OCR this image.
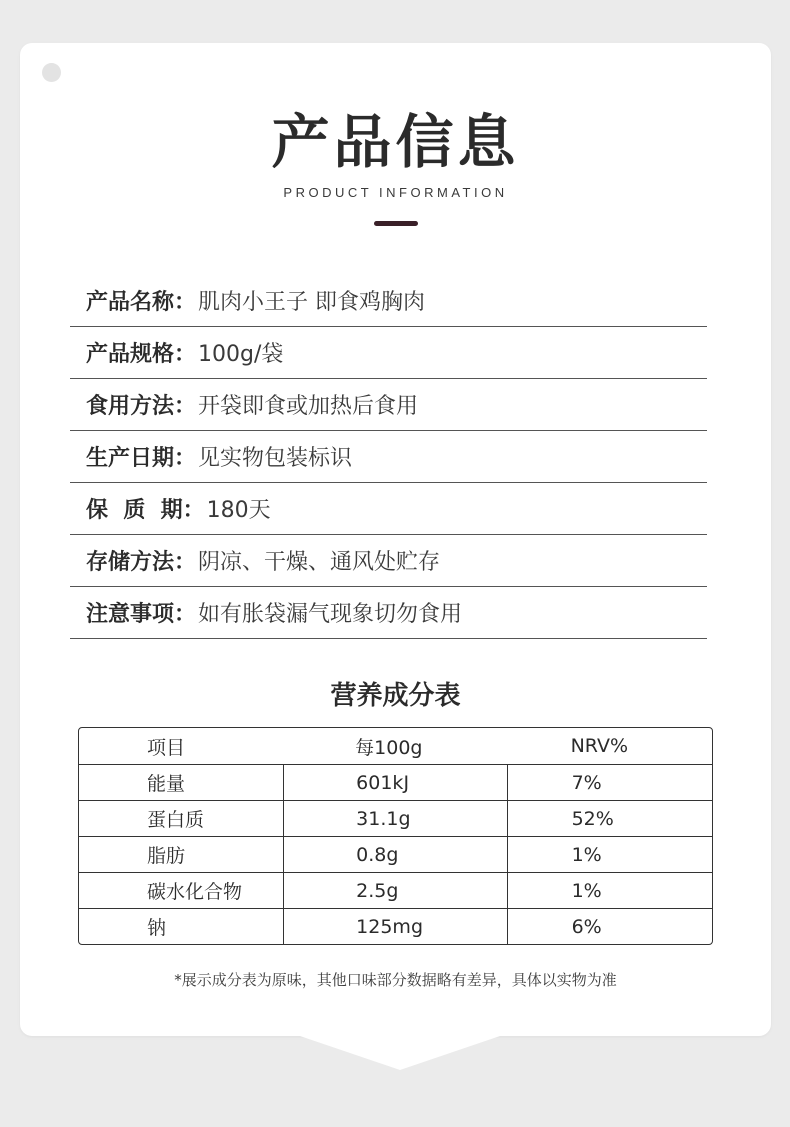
产品信息
PRODUCT INFORMATION
产品名称： 肌肉小王子 即食鸡胸肉
产品规格： 100g/袋
食用方法： 开袋即食或加热后食用
生产日期： 见实物包装标识
保  质  期： 180天
存储方法： 阴凉、干燥、通风处贮存
注意事项： 如有胀袋漏气现象切勿食用
营养成分表
项目	每100g	NRV%
能量	601kJ	7%
蛋白质	31.1g	52%
脂肪	0.8g	1%
碳水化合物	2.5g	1%
钠	125mg	6%
*展示成分表为原味，其他口味部分数据略有差异，具体以实物为准
